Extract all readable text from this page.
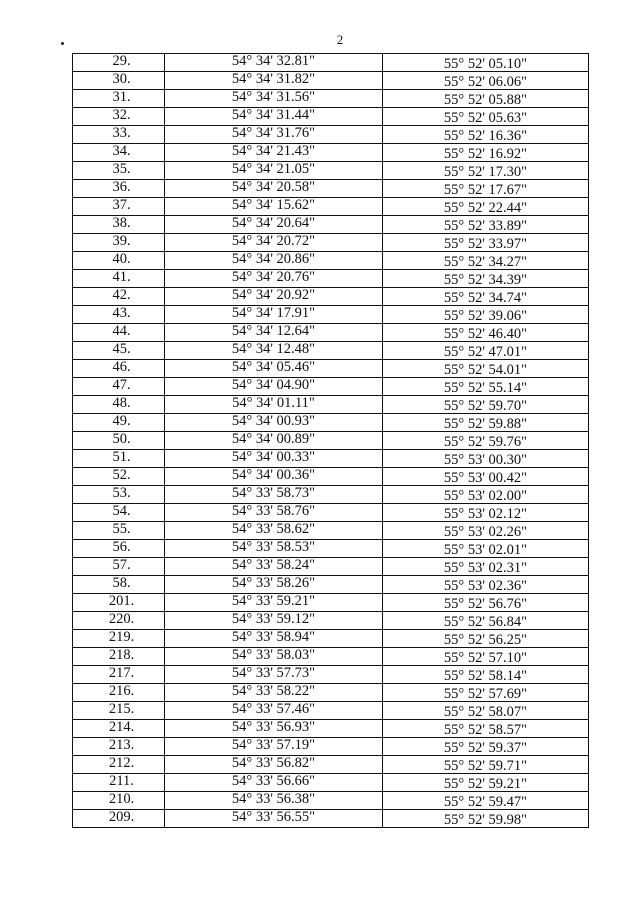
2
29.	54° 34' 32.81"	55° 52' 05.10"
30.	54° 34' 31.82"	55° 52' 06.06"
31.	54° 34' 31.56"	55° 52' 05.88"
32.	54° 34' 31.44"	55° 52' 05.63"
33.	54° 34' 31.76"	55° 52' 16.36"
34.	54° 34' 21.43"	55° 52' 16.92"
35.	54° 34' 21.05"	55° 52' 17.30"
36.	54° 34' 20.58"	55° 52' 17.67"
37.	54° 34' 15.62"	55° 52' 22.44"
38.	54° 34' 20.64"	55° 52' 33.89"
39.	54° 34' 20.72"	55° 52' 33.97"
40.	54° 34' 20.86"	55° 52' 34.27"
41.	54° 34' 20.76"	55° 52' 34.39"
42.	54° 34' 20.92"	55° 52' 34.74"
43.	54° 34' 17.91"	55° 52' 39.06"
44.	54° 34' 12.64"	55° 52' 46.40"
45.	54° 34' 12.48"	55° 52' 47.01"
46.	54° 34' 05.46"	55° 52' 54.01"
47.	54° 34' 04.90"	55° 52' 55.14"
48.	54° 34' 01.11"	55° 52' 59.70"
49.	54° 34' 00.93"	55° 52' 59.88"
50.	54° 34' 00.89"	55° 52' 59.76"
51.	54° 34' 00.33"	55° 53' 00.30"
52.	54° 34' 00.36"	55° 53' 00.42"
53.	54° 33' 58.73"	55° 53' 02.00"
54.	54° 33' 58.76"	55° 53' 02.12"
55.	54° 33' 58.62"	55° 53' 02.26"
56.	54° 33' 58.53"	55° 53' 02.01"
57.	54° 33' 58.24"	55° 53' 02.31"
58.	54° 33' 58.26"	55° 53' 02.36"
201.	54° 33' 59.21"	55° 52' 56.76"
220.	54° 33' 59.12"	55° 52' 56.84"
219.	54° 33' 58.94"	55° 52' 56.25"
218.	54° 33' 58.03"	55° 52' 57.10"
217.	54° 33' 57.73"	55° 52' 58.14"
216.	54° 33' 58.22"	55° 52' 57.69"
215.	54° 33' 57.46"	55° 52' 58.07"
214.	54° 33' 56.93"	55° 52' 58.57"
213.	54° 33' 57.19"	55° 52' 59.37"
212.	54° 33' 56.82"	55° 52' 59.71"
211.	54° 33' 56.66"	55° 52' 59.21"
210.	54° 33' 56.38"	55° 52' 59.47"
209.	54° 33' 56.55"	55° 52' 59.98"
